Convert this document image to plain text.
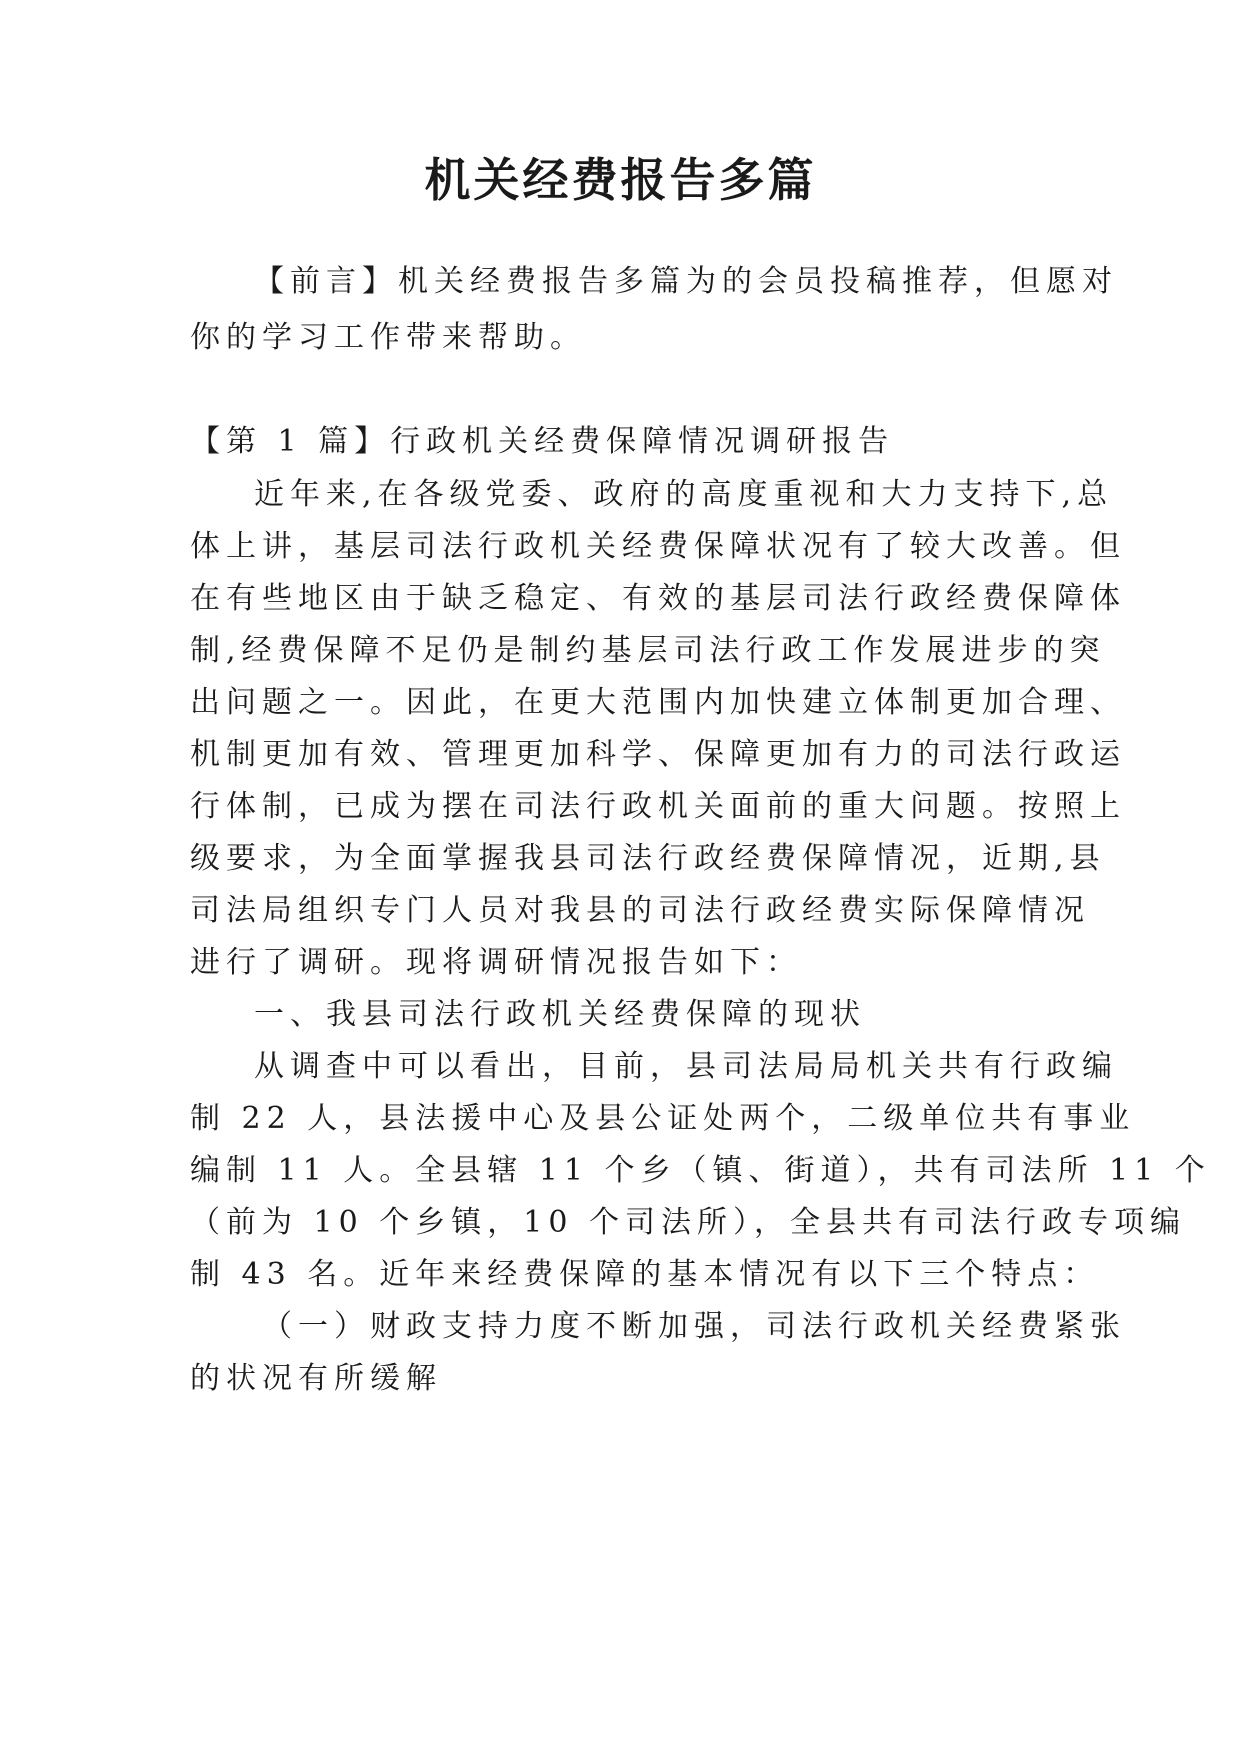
机关经费报告多篇
【前言】机关经费报告多篇为的会员投稿推荐，但愿对
你的学习工作带来帮助。
【第 1 篇】行政机关经费保障情况调研报告
近年来,在各级党委、政府的高度重视和大力支持下,总
体上讲，基层司法行政机关经费保障状况有了较大改善。但
在有些地区由于缺乏稳定、有效的基层司法行政经费保障体
制,经费保障不足仍是制约基层司法行政工作发展进步的突
出问题之一。因此，在更大范围内加快建立体制更加合理、
机制更加有效、管理更加科学、保障更加有力的司法行政运
行体制，已成为摆在司法行政机关面前的重大问题。按照上
级要求，为全面掌握我县司法行政经费保障情况，近期,县
司法局组织专门人员对我县的司法行政经费实际保障情况
进行了调研。现将调研情况报告如下：
一、我县司法行政机关经费保障的现状
从调查中可以看出，目前，县司法局局机关共有行政编
制 22 人，县法援中心及县公证处两个，二级单位共有事业
编制 11 人。全县辖 11 个乡（镇、街道），共有司法所 11 个
（前为 10 个乡镇，10 个司法所），全县共有司法行政专项编
制 43 名。近年来经费保障的基本情况有以下三个特点：
（一）财政支持力度不断加强，司法行政机关经费紧张
的状况有所缓解
